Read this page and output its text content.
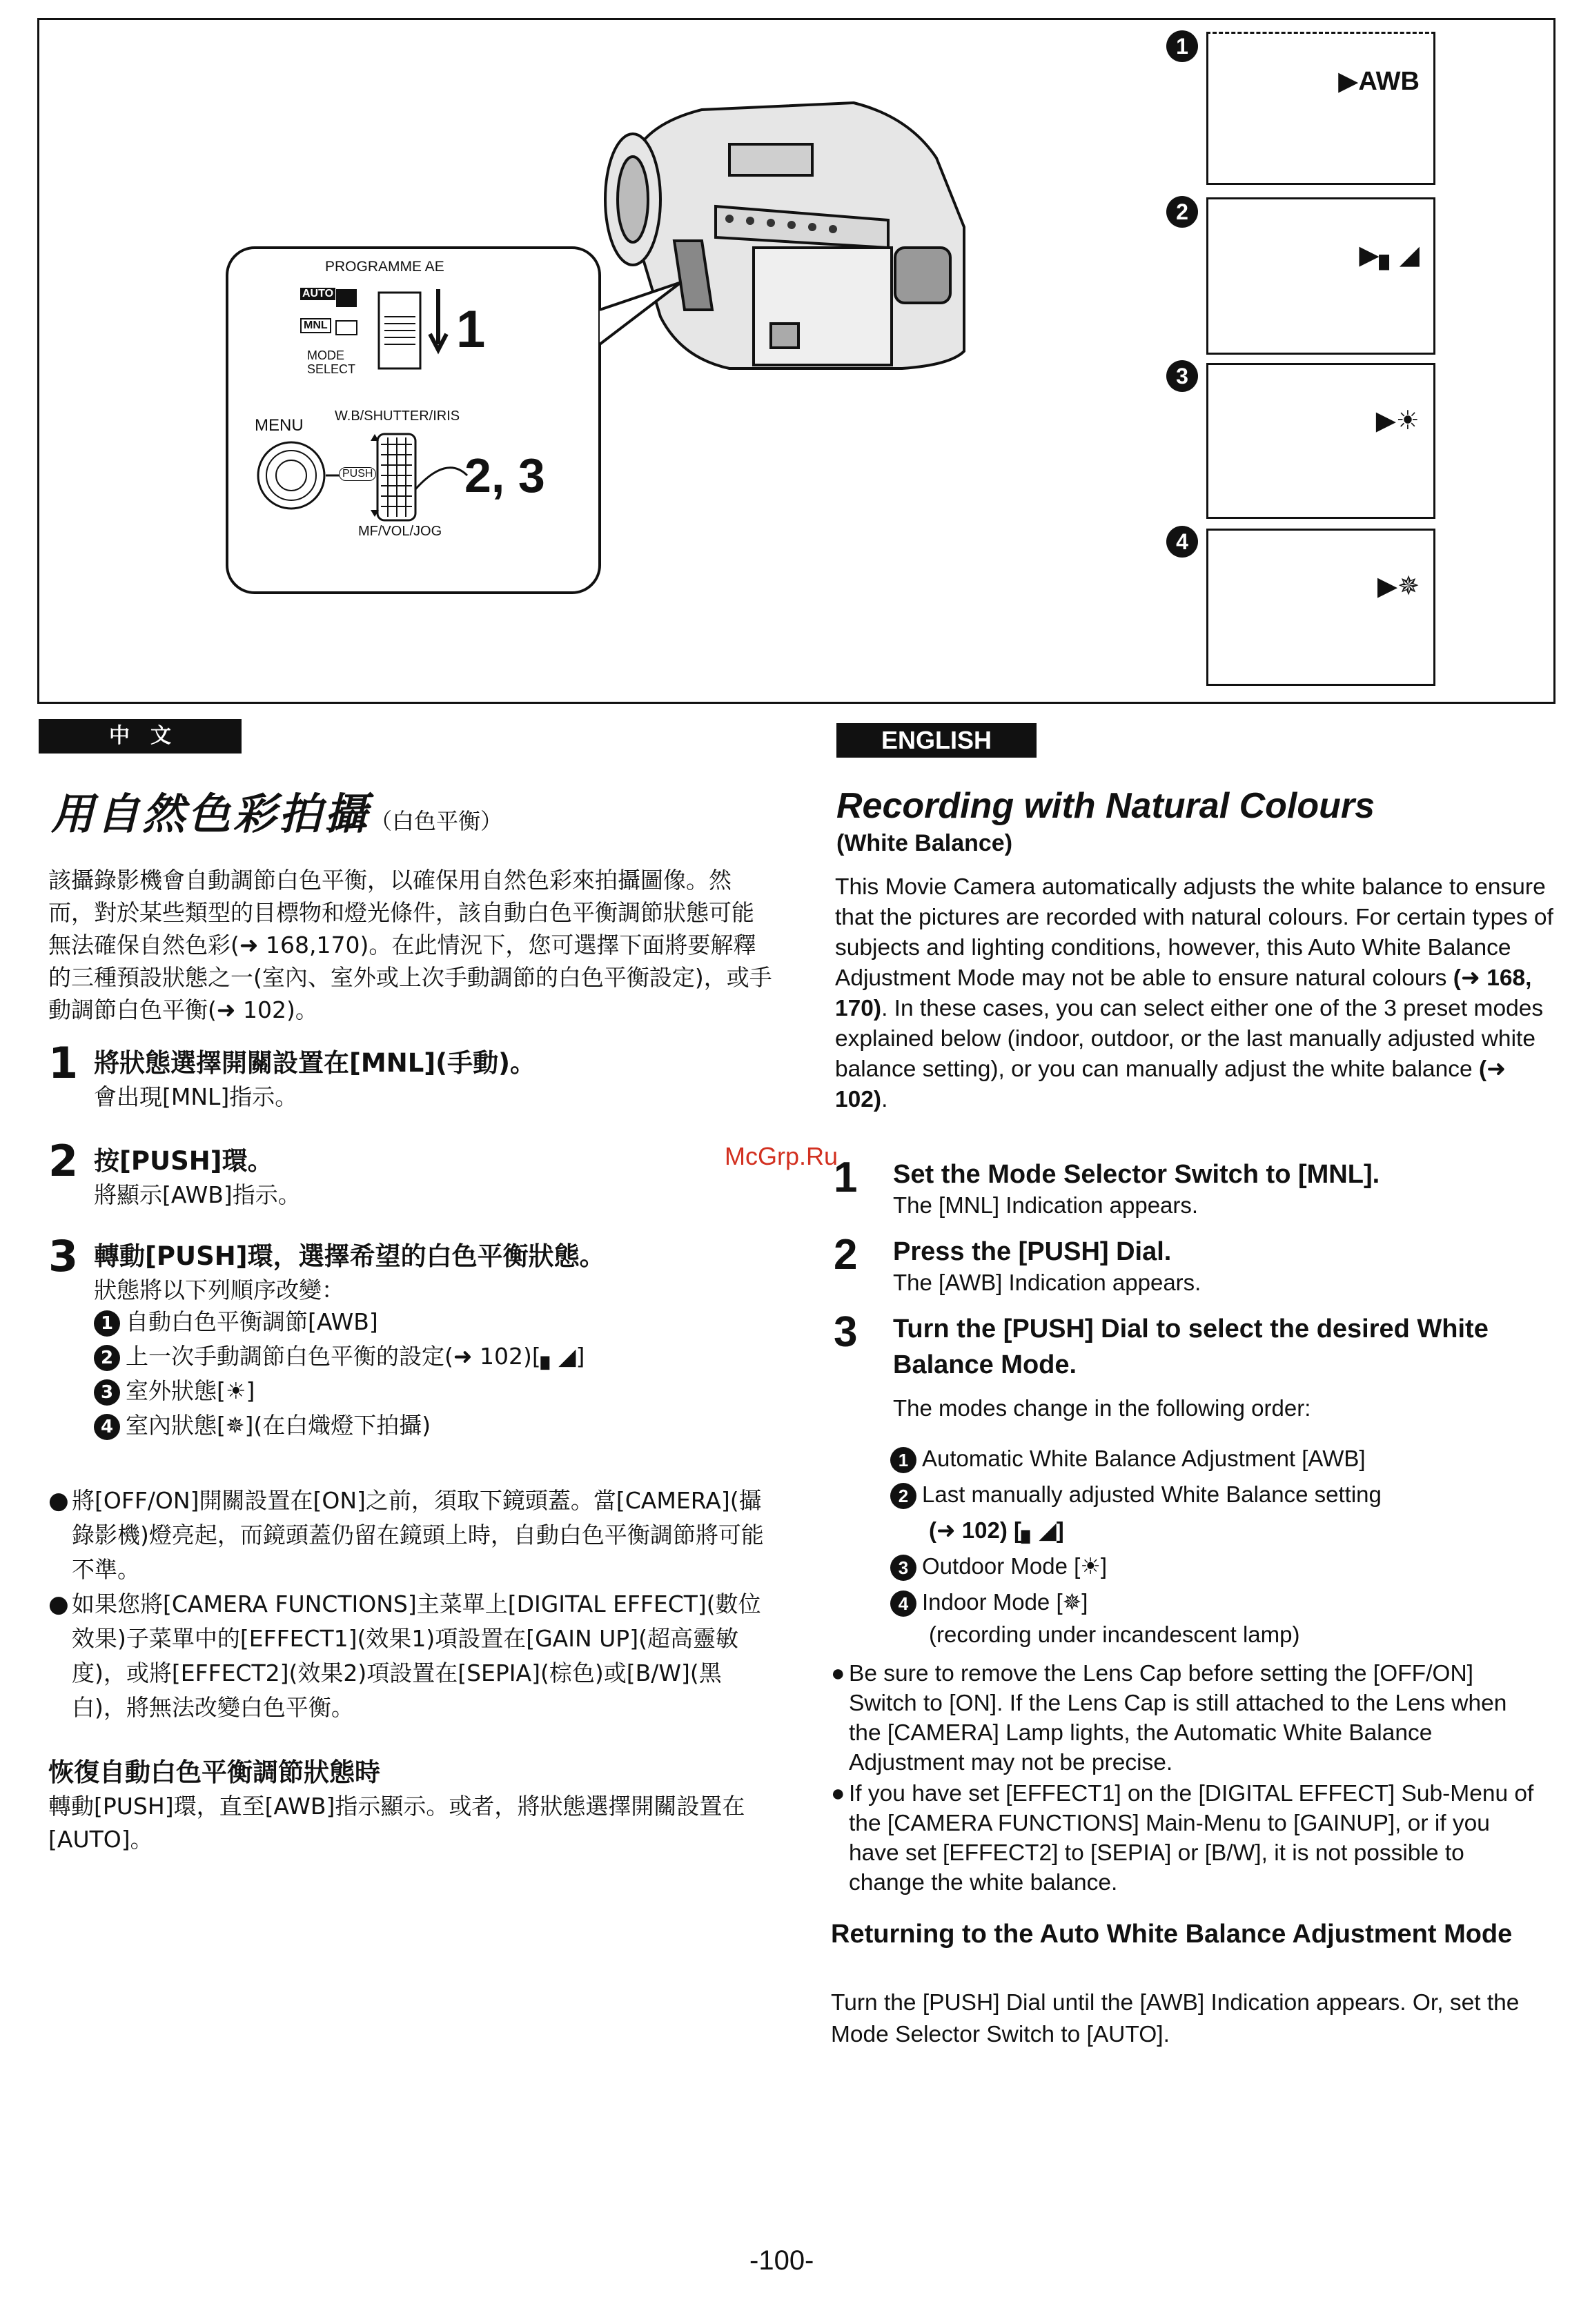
PROGRAMME AE
AUTO
MNL
MODE
SELECT
1
MENU W.B/SHUTTER/IRIS
PUSH
MF/VOL/JOG
2, 3
1
▶AWB
2
▶▖◢
3
▶☀
4
▶✵
中　文
用自然色彩拍攝（白色平衡）
該攝錄影機會自動調節白色平衡，以確保用自然色彩來拍攝圖像。然而，對於某些類型的目標物和燈光條件，該自動白色平衡調節狀態可能無法確保自然色彩(➜ 168,170)。在此情況下，您可選擇下面將要解釋的三種預設狀態之一(室內、室外或上次手動調節的白色平衡設定)，或手動調節白色平衡(➜ 102)。
1 將狀態選擇開關設置在[MNL](手動)。
會出現[MNL]指示。
2 按[PUSH]環。
將顯示[AWB]指示。
3 轉動[PUSH]環，選擇希望的白色平衡狀態。
狀態將以下列順序改變：
1 自動白色平衡調節[AWB]
2 上一次手動調節白色平衡的設定(➜ 102)[▖◢]
3 室外狀態[☀]
4 室內狀態[✵](在白熾燈下拍攝)
● 將[OFF/ON]開關設置在[ON]之前，須取下鏡頭蓋。當[CAMERA](攝錄影機)燈亮起，而鏡頭蓋仍留在鏡頭上時，自動白色平衡調節將可能不準。
● 如果您將[CAMERA FUNCTIONS]主菜單上[DIGITAL EFFECT](數位效果)子菜單中的[EFFECT1](效果1)項設置在[GAIN UP](超高靈敏度)，或將[EFFECT2](效果2)項設置在[SEPIA](棕色)或[B/W](黑白)，將無法改變白色平衡。
恢復自動白色平衡調節狀態時
轉動[PUSH]環，直至[AWB]指示顯示。或者，將狀態選擇開關設置在[AUTO]。
ENGLISH
Recording with Natural Colours
(White Balance)
This Movie Camera automatically adjusts the white balance to ensure that the pictures are recorded with natural colours. For certain types of subjects and lighting conditions, however, this Auto White Balance Adjustment Mode may not be able to ensure natural colours (➜ 168, 170). In these cases, you can select either one of the 3 preset modes explained below (indoor, outdoor, or the last manually adjusted white balance setting), or you can manually adjust the white balance (➜ 102).
1 Set the Mode Selector Switch to [MNL].
The [MNL] Indication appears.
2 Press the [PUSH] Dial.
The [AWB] Indication appears.
3 Turn the [PUSH] Dial to select the desired White Balance Mode.
The modes change in the following order:
1 Automatic White Balance Adjustment [AWB]
2 Last manually adjusted White Balance setting
(➜ 102) [▖◢]
3 Outdoor Mode [☀]
4 Indoor Mode [✵]
(recording under incandescent lamp)
● Be sure to remove the Lens Cap before setting the [OFF/ON] Switch to [ON]. If the Lens Cap is still attached to the Lens when the [CAMERA] Lamp lights, the Automatic White Balance Adjustment may not be precise.
● If you have set [EFFECT1] on the [DIGITAL EFFECT] Sub-Menu of the [CAMERA FUNCTIONS] Main-Menu to [GAINUP], or if you have set [EFFECT2] to [SEPIA] or [B/W], it is not possible to change the white balance.
Returning to the Auto White Balance Adjustment Mode
Turn the [PUSH] Dial until the [AWB] Indication appears. Or, set the Mode Selector Switch to [AUTO].
McGrp.Ru
-100-
